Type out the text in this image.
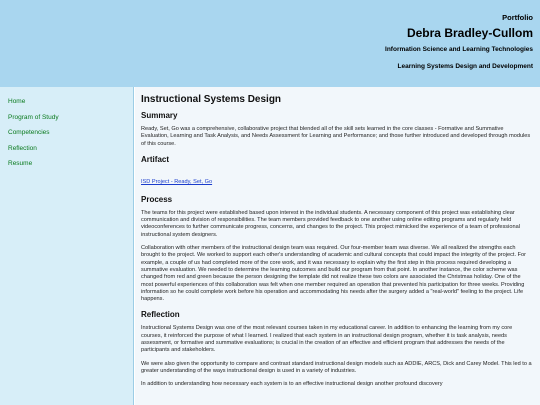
Portfolio
Debra Bradley-Cullom
Information Science and Learning Technologies
Learning Systems Design and Development
Home
Program of Study
Competencies
Reflection
Resume
Instructional Systems Design
Summary

Ready, Set, Go was a comprehensive, collaborative project that blended all of the skill sets learned in the core classes - Formative and Summative Evaluation, Learning and Task Analysis, and Needs Assessment for Learning and Performance; and those further introduced and developed through modules of this course.

Artifact
ISD Project - Ready, Set, Go
Process

The teams for this project were established based upon interest in the individual students. A necessary component of this project was establishing clear communication and division of responsibilities. The team members provided feedback to one another using online editing programs and regularly held videoconferences to further communicate progress, concerns, and changes to the project. This project mimicked the experience of a team of professional instructional system designers.

Collaboration with other members of the instructional design team was required. Our four-member team was diverse. We all realized the strengths each brought to the project. We worked to support each other's understanding of academic and cultural concepts that could impact the integrity of the project. For example, a couple of us had completed more of the core work, and it was necessary to explain why the first step in this process required developing a summative evaluation. We needed to determine the learning outcomes and build our program from that point. In another instance, the color scheme was changed from red and green because the person designing the template did not realize these two colors are associated the Christmas holiday. One of the most powerful experiences of this collaboration was felt when one member required an operation that prevented his participation for three weeks. Providing information so he could complete work before his operation and accommodating his needs after the surgery added a "real-world" feeling to the project. Life happens.

Reflection

Instructional Systems Design was one of the most relevant courses taken in my educational career. In addition to enhancing the learning from my core courses, it reinforced the purpose of what I learned. I realized that each system in an instructional design program, whether it is task analysis, needs assessment, or formative and summative evaluations; is crucial in the creation of an effective and efficient program that addresses the needs of the participants and stakeholders.

We were also given the opportunity to compare and contrast standard instructional design models such as ADDIE, ARCS, Dick and Carey Model. This led to a greater understanding of the ways instructional design is used in a variety of industries.

In addition to understanding how necessary each system is to an effective instructional design another profound discovery
